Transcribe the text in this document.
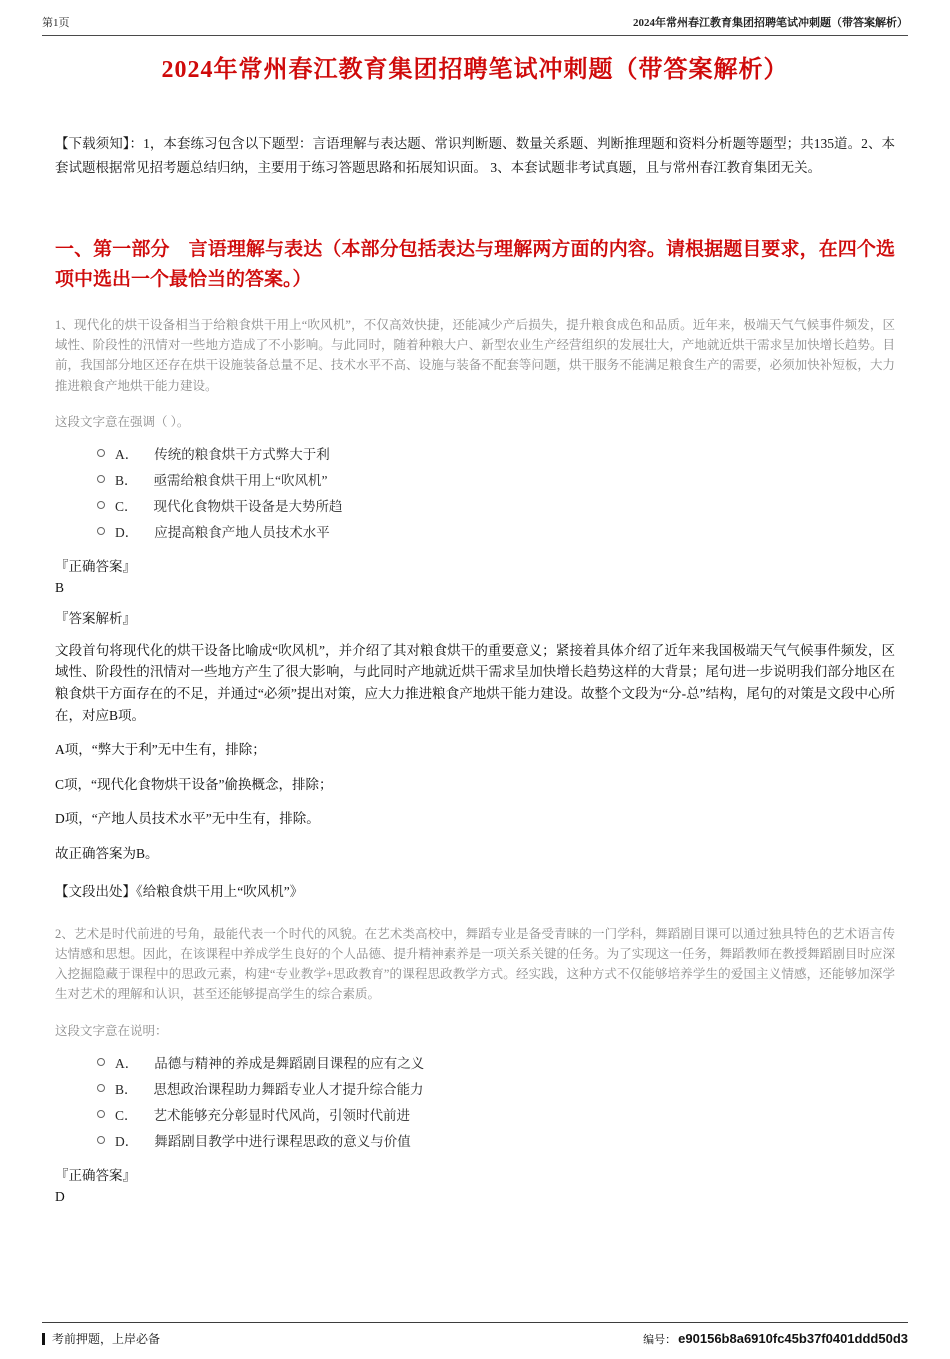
第1页	2024年常州春江教育集团招聘笔试冲刺题（带答案解析）
2024年常州春江教育集团招聘笔试冲刺题（带答案解析）

【下载须知】：1，本套练习包含以下题型：言语理解与表达题、常识判断题、数量关系题、判断推理题和资料分析题等题型；共135道。2、本套试题根据常见招考题总结归纳，主要用于练习答题思路和拓展知识面。 3、本套试题非考试真题，且与常州春江教育集团无关。

一、第一部分　言语理解与表达（本部分包括表达与理解两方面的内容。请根据题目要求，在四个选项中选出一个最恰当的答案。）

1、现代化的烘干设备相当于给粮食烘干用上“吹风机”，不仅高效快捷，还能减少产后损失，提升粮食成色和品质。近年来，极端天气气候事件频发，区域性、阶段性的汛情对一些地方造成了不小影响。与此同时，随着种粮大户、新型农业生产经营组织的发展壮大，产地就近烘干需求呈加快增长趋势。目前，我国部分地区还存在烘干设施装备总量不足、技术水平不高、设施与装备不配套等问题，烘干服务不能满足粮食生产的需要，必须加快补短板，大力推进粮食产地烘干能力建设。

这段文字意在强调（ ）。

A． 传统的粮食烘干方式弊大于利
B． 亟需给粮食烘干用上“吹风机”
C． 现代化食物烘干设备是大势所趋
D． 应提高粮食产地人员技术水平

『正确答案』

B

『答案解析』

文段首句将现代化的烘干设备比喻成“吹风机”，并介绍了其对粮食烘干的重要意义；紧接着具体介绍了近年来我国极端天气气候事件频发，区域性、阶段性的汛情对一些地方产生了很大影响，与此同时产地就近烘干需求呈加快增长趋势这样的大背景；尾句进一步说明我们部分地区在粮食烘干方面存在的不足，并通过“必须”提出对策，应大力推进粮食产地烘干能力建设。故整个文段为“分-总”结构，尾句的对策是文段中心所在，对应B项。

A项，“弊大于利”无中生有，排除；

C项，“现代化食物烘干设备”偷换概念，排除；

D项，“产地人员技术水平”无中生有，排除。

故正确答案为B。

【文段出处】《给粮食烘干用上“吹风机”》

2、艺术是时代前进的号角，最能代表一个时代的风貌。在艺术类高校中，舞蹈专业是备受青睐的一门学科，舞蹈剧目课可以通过独具特色的艺术语言传达情感和思想。因此，在该课程中养成学生良好的个人品德、提升精神素养是一项关系关键的任务。为了实现这一任务，舞蹈教师在教授舞蹈剧目时应深入挖掘隐藏于课程中的思政元素，构建“专业教学+思政教育”的课程思政教学方式。经实践，这种方式不仅能够培养学生的爱国主义情感，还能够加深学生对艺术的理解和认识，甚至还能够提高学生的综合素质。

这段文字意在说明：

A． 品德与精神的养成是舞蹈剧目课程的应有之义
B． 思想政治课程助力舞蹈专业人才提升综合能力
C． 艺术能够充分彰显时代风尚，引领时代前进
D． 舞蹈剧目教学中进行课程思政的意义与价值

『正确答案』

D

考前押题，上岸必备	编号： e90156b8a6910fc45b37f0401ddd50d3
